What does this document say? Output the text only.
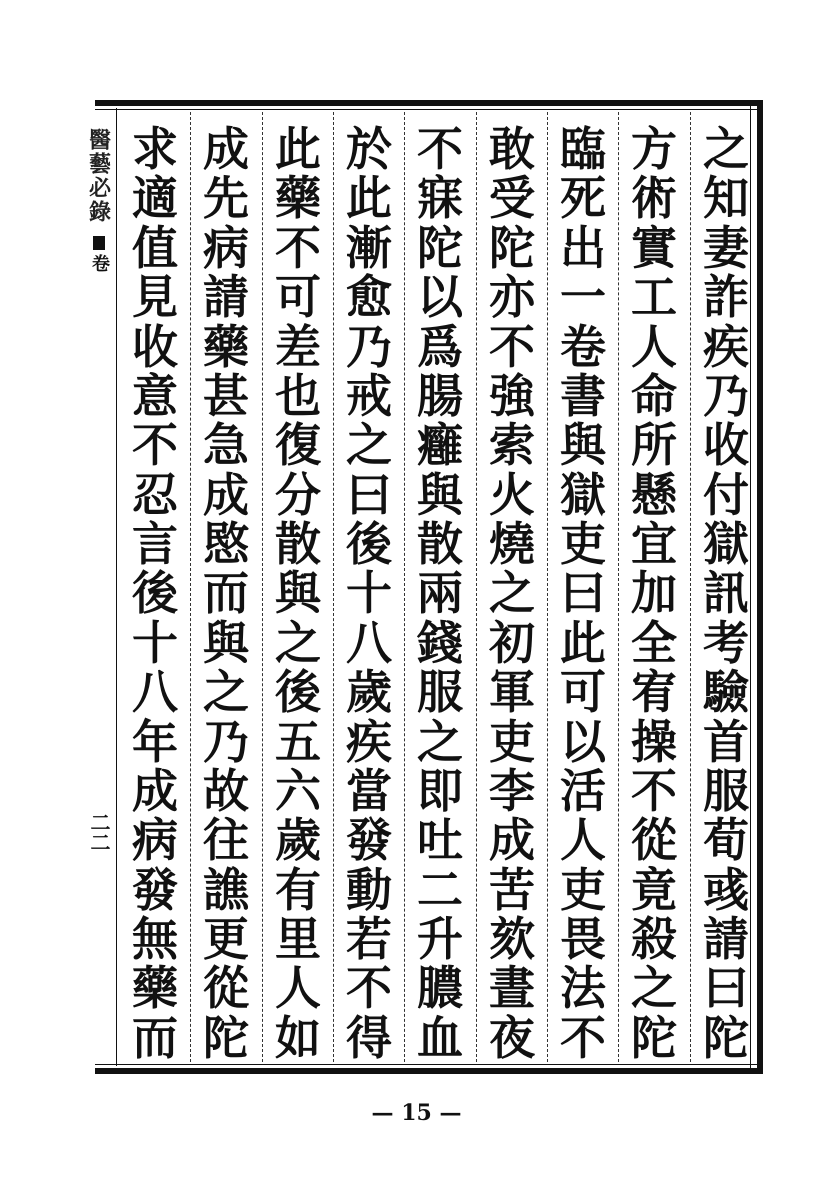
醫藝必錄
卷
二二
之
知
妻
詐
疾
乃
收
付
獄
訊
考
驗
首
服
荀
彧
請
曰
陀
方
術
實
工
人
命
所
懸
宜
加
全
宥
操
不
從
竟
殺
之
陀
臨
死
出
一
卷
書
與
獄
吏
曰
此
可
以
活
人
吏
畏
法
不
敢
受
陀
亦
不
強
索
火
燒
之
初
軍
吏
李
成
苦
欬
晝
夜
不
寐
陀
以
爲
腸
癰
與
散
兩
錢
服
之
即
吐
二
升
膿
血
於
此
漸
愈
乃
戒
之
曰
後
十
八
歲
疾
當
發
動
若
不
得
此
藥
不
可
差
也
復
分
散
與
之
後
五
六
歲
有
里
人
如
成
先
病
請
藥
甚
急
成
愍
而
與
之
乃
故
往
譙
更
從
陀
求
適
值
見
收
意
不
忍
言
後
十
八
年
成
病
發
無
藥
而
— 15 —
